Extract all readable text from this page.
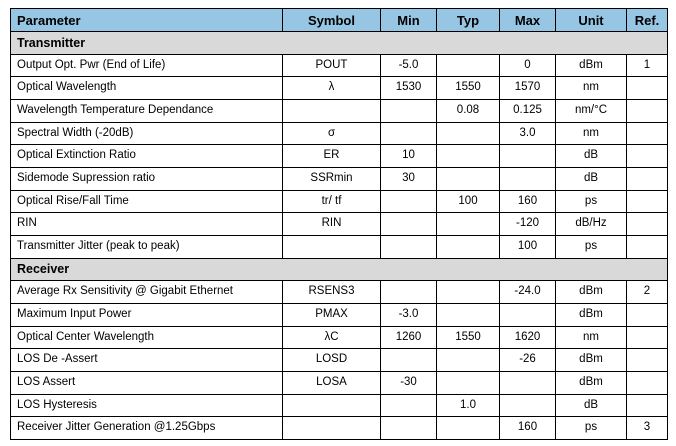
Parameter	Symbol	Min	Typ	Max	Unit	Ref.
Transmitter						
Output Opt. Pwr (End of Life)	POUT	-5.0		0	dBm	1
Optical Wavelength	λ	1530	1550	1570	nm	
Wavelength Temperature Dependance			0.08	0.125	nm/°C	
Spectral Width (-20dB)	σ			3.0	nm	
Optical Extinction Ratio	ER	10			dB	
Sidemode Supression ratio	SSRmin	30			dB	
Optical Rise/Fall Time	tr/ tf		100	160	ps	
RIN	RIN			-120	dB/Hz	
Transmitter Jitter (peak to peak)				100	ps	
Receiver						
Average Rx Sensitivity @ Gigabit Ethernet	RSENS3			-24.0	dBm	2
Maximum Input Power	PMAX	-3.0			dBm	
Optical Center Wavelength	λC	1260	1550	1620	nm	
LOS De -Assert	LOSD			-26	dBm	
LOS Assert	LOSA	-30			dBm	
LOS Hysteresis			1.0		dB	
Receiver Jitter Generation @1.25Gbps				160	ps	3
